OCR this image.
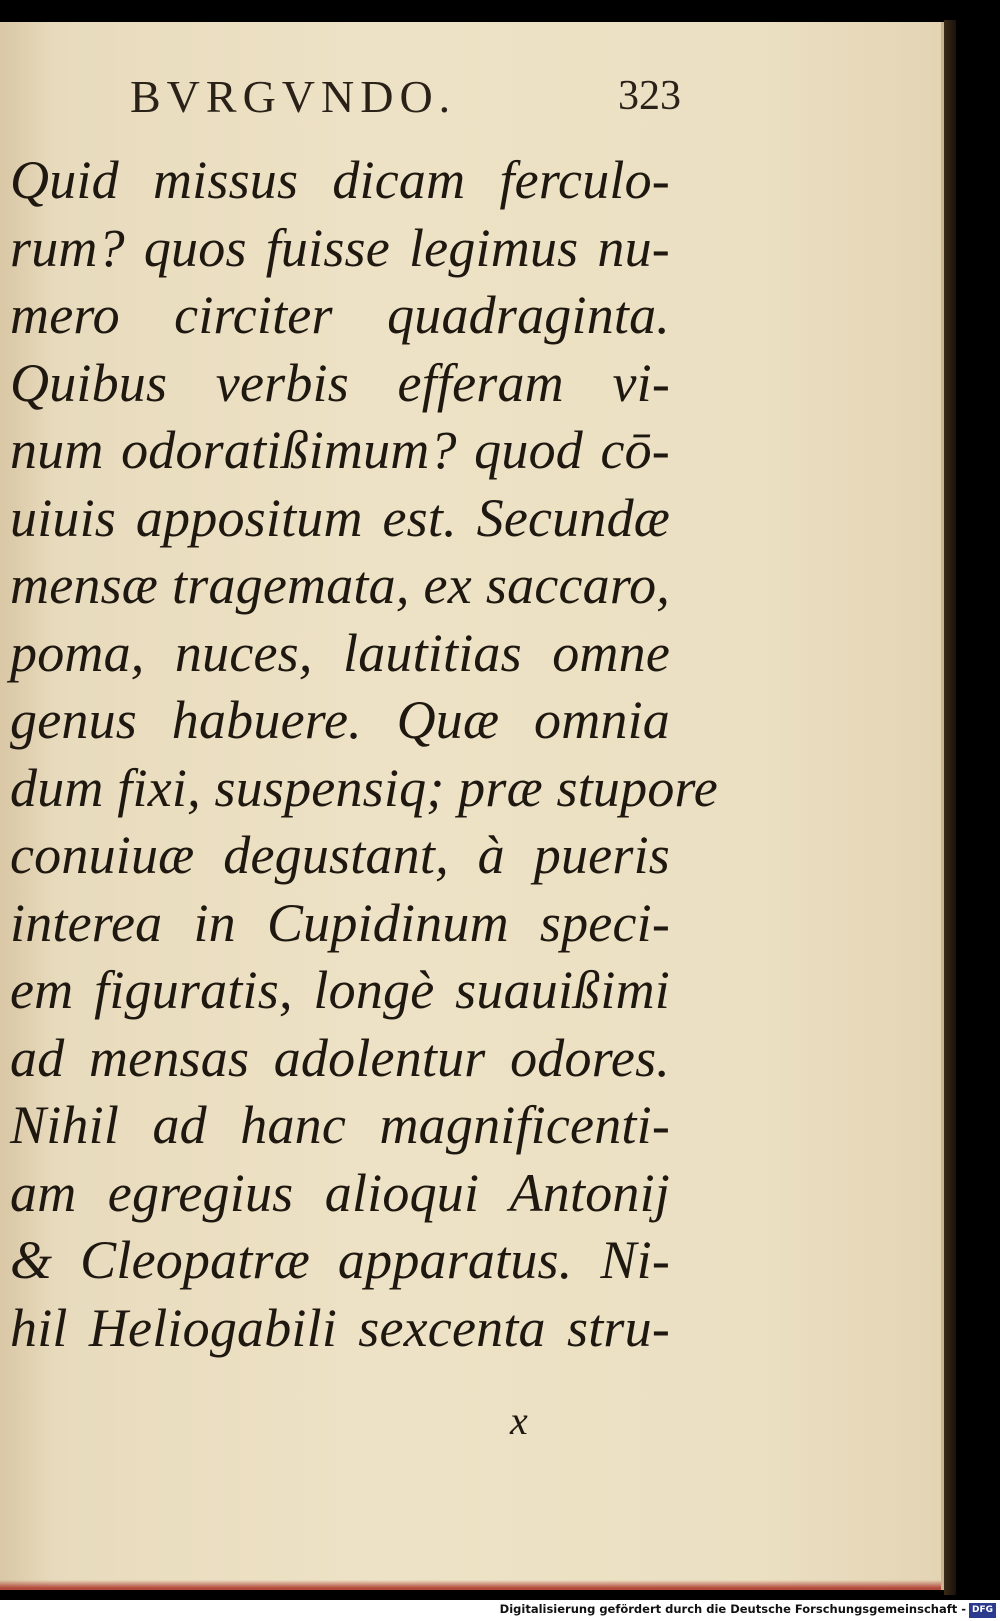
BVRGVNDO.	323
Quid missus dicam ferculo-
rum? quos fuisse legimus nu-
mero circiter quadraginta.
Quibus verbis efferam vi-
num odoratißimum? quod cō-
uiuis appositum est. Secundæ
mensæ tragemata, ex saccaro,
poma, nuces, lautitias omne
genus habuere. Quæ omnia
dum fixi, suspensiq; præ stupore
conuiuæ degustant, à pueris
interea in Cupidinum speci-
em figuratis, longè suauißimi
ad mensas adolentur odores.
Nihil ad hanc magnificenti-
am egregius alioqui Antonij
& Cleopatræ apparatus. Ni-
hil Heliogabili sexcenta stru-
x
Digitalisierung gefördert durch die Deutsche Forschungsgemeinschaft - DFG
